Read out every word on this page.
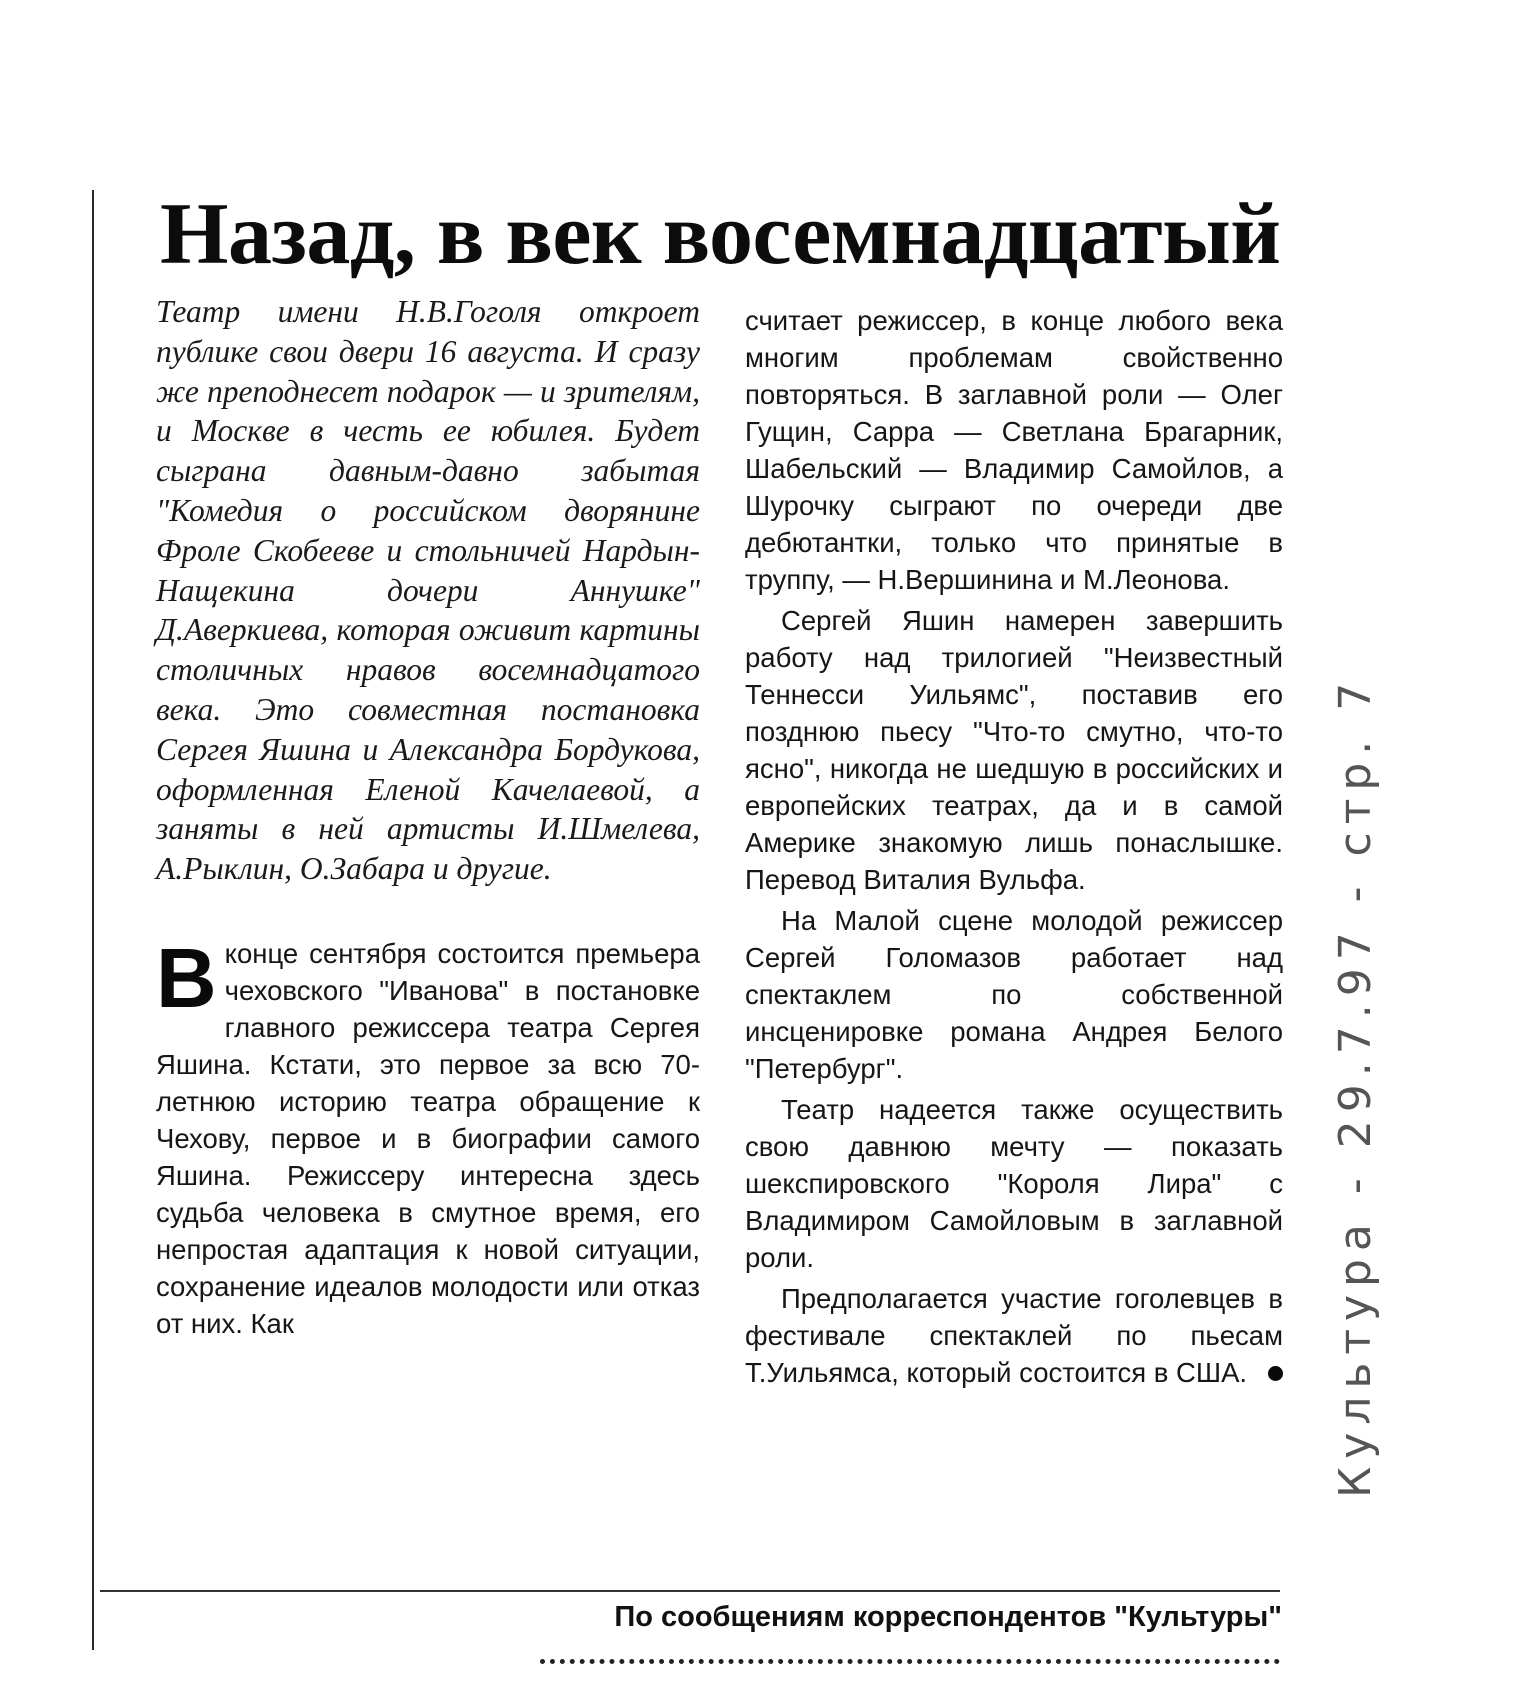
Назад, в век восемнадцатый

Театр имени Н.В.Гоголя откроет публике свои двери 16 августа. И сразу же преподнесет подарок — и зрителям, и Москве в честь ее юбилея. Будет сыграна давным-давно забытая "Комедия о российском дворянине Фроле Скобееве и стольничей Нардын-Нащекина дочери Аннушке" Д.Аверкиева, которая оживит картины столичных нравов восемнадцатого века. Это совместная постановка Сергея Яшина и Александра Бордукова, оформленная Еленой Качелаевой, а заняты в ней артисты И.Шмелева, А.Рыклин, О.Забара и другие.

В конце сентября состоится премьера чеховского "Иванова" в постановке главного режиссера театра Сергея Яшина. Кстати, это первое за всю 70-летнюю историю театра обращение к Чехову, первое и в биографии самого Яшина. Режиссеру интересна здесь судьба человека в смутное время, его непростая адаптация к новой ситуации, сохранение идеалов молодости или отказ от них. Как

считает режиссер, в конце любого века многим проблемам свойственно повторяться. В заглавной роли — Олег Гущин, Сарра — Светлана Брагарник, Шабельский — Владимир Самойлов, а Шурочку сыграют по очереди две дебютантки, только что принятые в труппу, — Н.Вершинина и М.Леонова.

Сергей Яшин намерен завершить работу над трилогией "Неизвестный Теннесси Уильямс", поставив его позднюю пьесу "Что-то смутно, что-то ясно", никогда не шедшую в российских и европейских театрах, да и в самой Америке знакомую лишь понаслышке. Перевод Виталия Вульфа.

На Малой сцене молодой режиссер Сергей Голомазов работает над спектаклем по собственной инсценировке романа Андрея Белого "Петербург".

Театр надеется также осуществить свою давнюю мечту — показать шекспировского "Короля Лира" с Владимиром Самойловым в заглавной роли.

Предполагается участие гоголевцев в фестивале спектаклей по пьесам Т.Уильямса, который состоится в США.

По сообщениям корреспондентов "Культуры"

Культура - 29.7.97 - стр. 7
